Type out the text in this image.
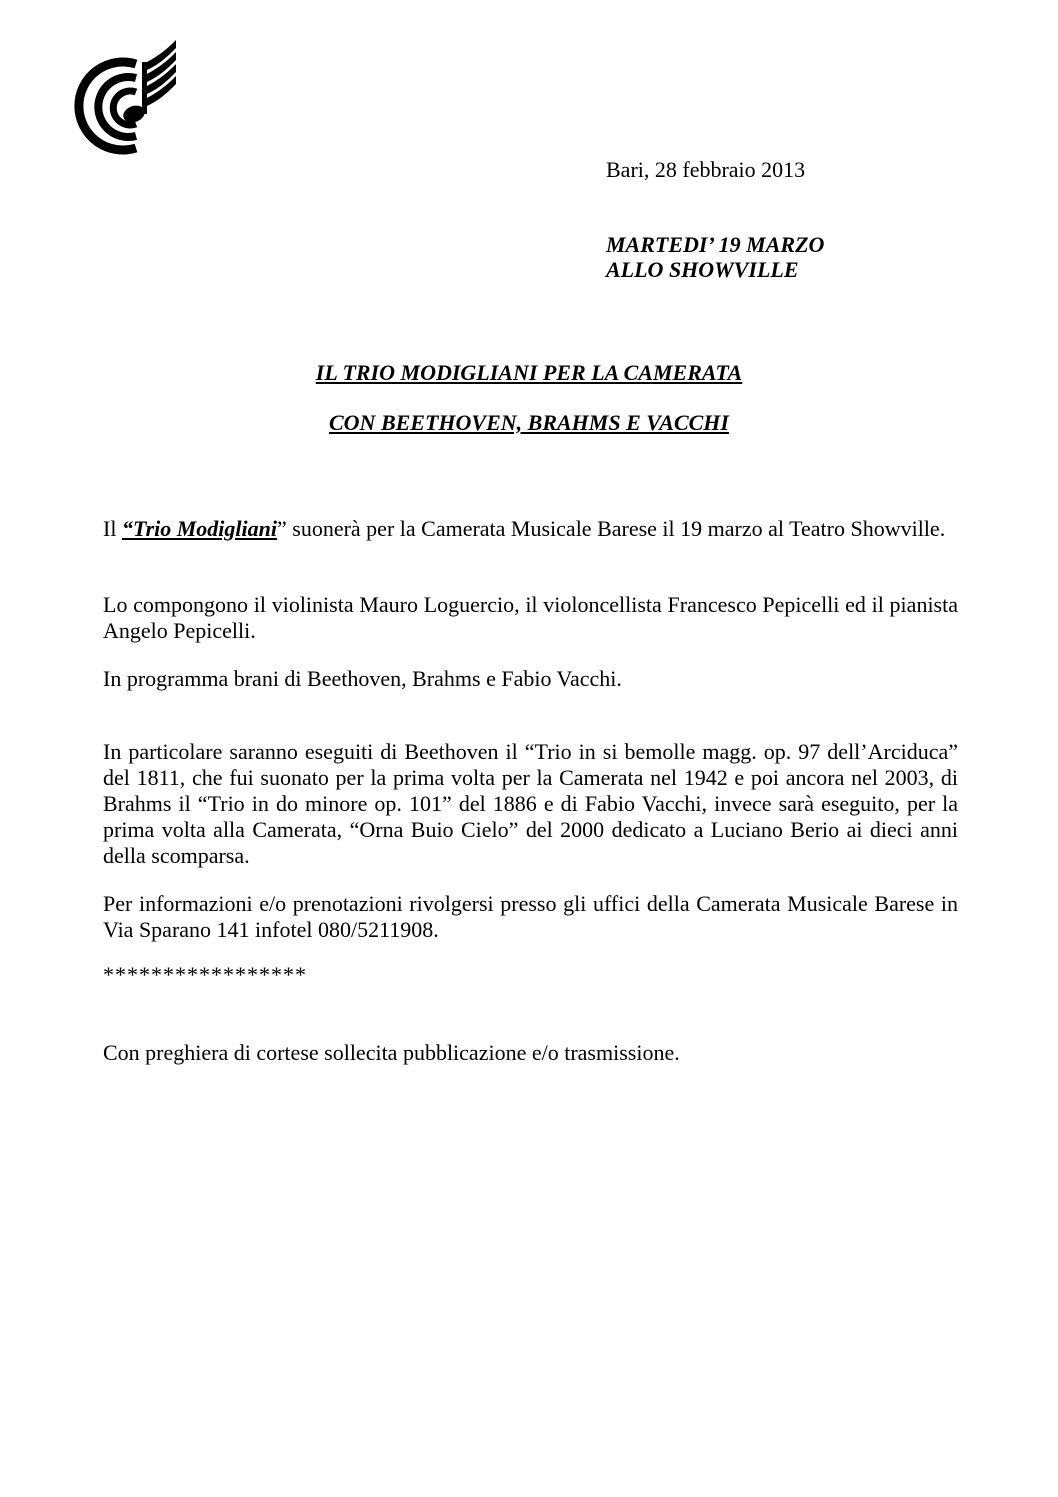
Bari, 28 febbraio 2013
MARTEDI’ 19 MARZO
ALLO SHOWVILLE
IL TRIO MODIGLIANI PER LA CAMERATA
CON BEETHOVEN, BRAHMS E VACCHI
Il “Trio Modigliani” suonerà per la Camerata Musicale Barese il 19 marzo al Teatro Showville.
Lo compongono il violinista Mauro Loguercio, il violoncellista Francesco Pepicelli ed il pianista Angelo Pepicelli.
In programma brani di Beethoven, Brahms e Fabio Vacchi.
In particolare saranno eseguiti di Beethoven il “Trio in si bemolle magg. op. 97 dell’Arciduca” del 1811, che fui suonato per la prima volta per la Camerata nel 1942 e poi ancora nel 2003, di Brahms il “Trio in do minore op. 101” del 1886 e di Fabio Vacchi, invece sarà eseguito, per la prima volta alla Camerata, “Orna Buio Cielo” del 2000 dedicato a Luciano Berio ai dieci anni della scomparsa.
Per informazioni e/o prenotazioni rivolgersi presso gli uffici della Camerata Musicale Barese in Via Sparano 141 infotel 080/5211908.
*****************
Con preghiera di cortese sollecita pubblicazione e/o trasmissione.
